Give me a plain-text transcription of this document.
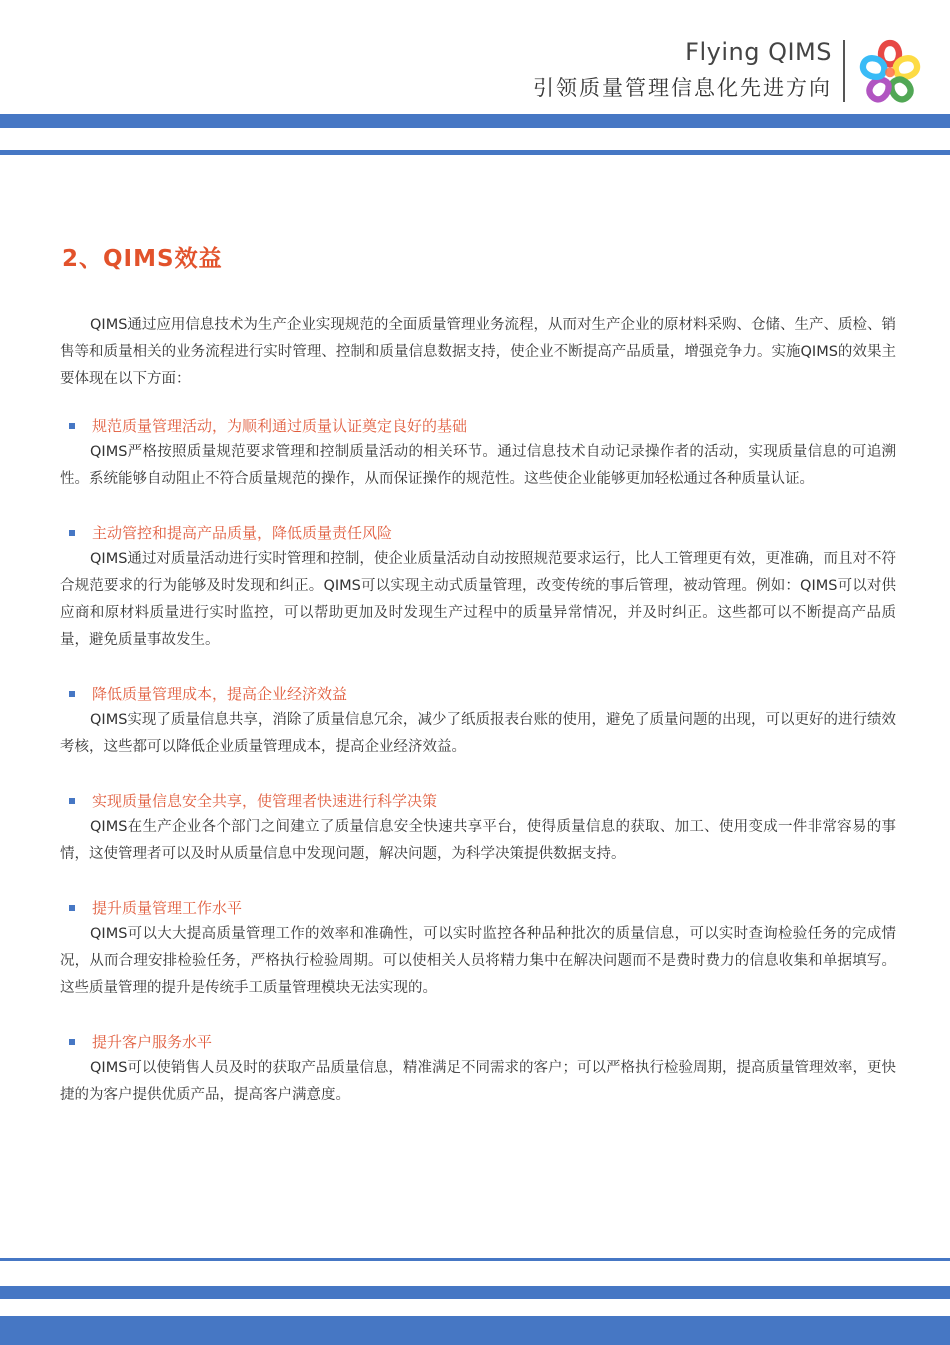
Flying QIMS
引领质量管理信息化先进方向
2、QIMS效益

QIMS通过应用信息技术为生产企业实现规范的全面质量管理业务流程，从而对生产企业的原材料采购、仓储、生产、质检、销售等和质量相关的业务流程进行实时管理、控制和质量信息数据支持，使企业不断提高产品质量，增强竞争力。实施QIMS的效果主要体现在以下方面：

规范质量管理活动，为顺利通过质量认证奠定良好的基础

QIMS严格按照质量规范要求管理和控制质量活动的相关环节。通过信息技术自动记录操作者的活动，实现质量信息的可追溯性。系统能够自动阻止不符合质量规范的操作，从而保证操作的规范性。这些使企业能够更加轻松通过各种质量认证。

主动管控和提高产品质量，降低质量责任风险

QIMS通过对质量活动进行实时管理和控制，使企业质量活动自动按照规范要求运行，比人工管理更有效，更准确，而且对不符合规范要求的行为能够及时发现和纠正。QIMS可以实现主动式质量管理，改变传统的事后管理，被动管理。例如：QIMS可以对供应商和原材料质量进行实时监控，可以帮助更加及时发现生产过程中的质量异常情况，并及时纠正。这些都可以不断提高产品质量，避免质量事故发生。

降低质量管理成本，提高企业经济效益

QIMS实现了质量信息共享，消除了质量信息冗余，减少了纸质报表台账的使用，避免了质量问题的出现，可以更好的进行绩效考核，这些都可以降低企业质量管理成本，提高企业经济效益。

实现质量信息安全共享，使管理者快速进行科学决策

QIMS在生产企业各个部门之间建立了质量信息安全快速共享平台，使得质量信息的获取、加工、使用变成一件非常容易的事情，这使管理者可以及时从质量信息中发现问题，解决问题，为科学决策提供数据支持。

提升质量管理工作水平

QIMS可以大大提高质量管理工作的效率和准确性，可以实时监控各种品种批次的质量信息，可以实时查询检验任务的完成情况，从而合理安排检验任务，严格执行检验周期。可以使相关人员将精力集中在解决问题而不是费时费力的信息收集和单据填写。这些质量管理的提升是传统手工质量管理模块无法实现的。

提升客户服务水平

QIMS可以使销售人员及时的获取产品质量信息，精准满足不同需求的客户；可以严格执行检验周期，提高质量管理效率，更快捷的为客户提供优质产品，提高客户满意度。
